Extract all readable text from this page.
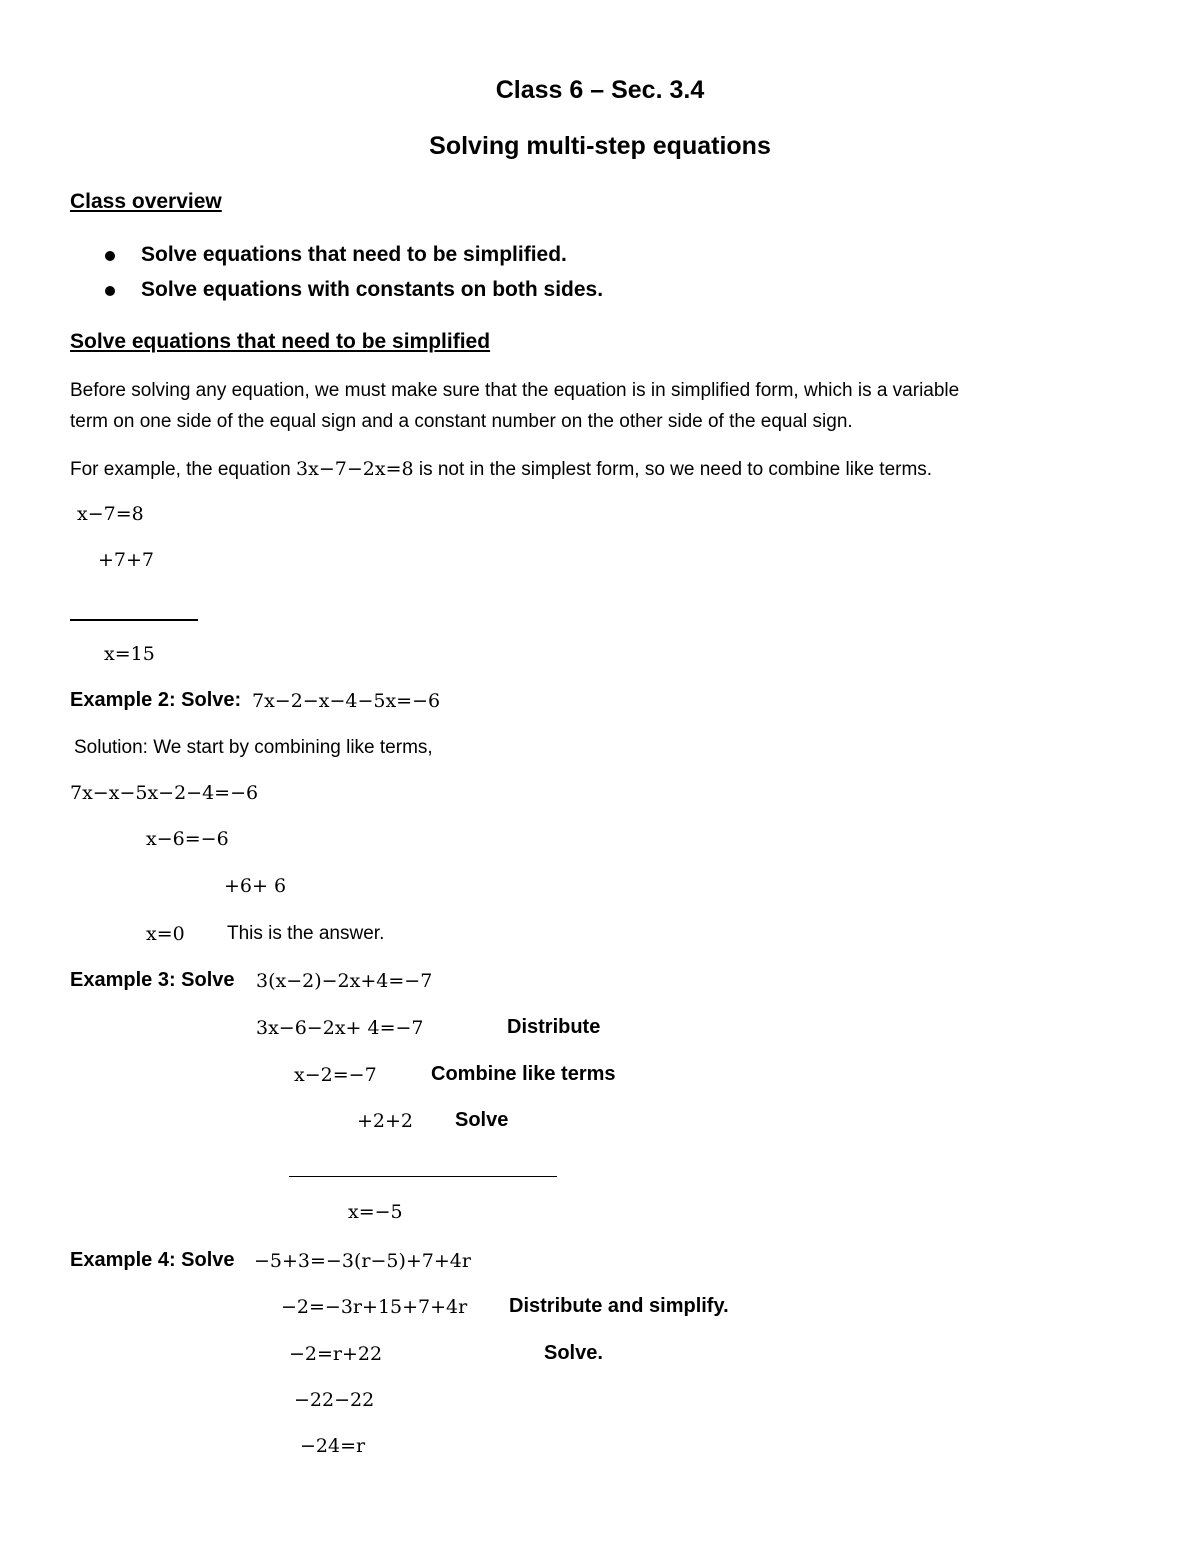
Class 6 – Sec. 3.4
Solving multi-step equations
Class overview
Solve equations that need to be simplified.
Solve equations with constants on both sides.
Solve equations that need to be simplified
Before solving any equation, we must make sure that the equation is in simplified form, which is a variable
term on one side of the equal sign and a constant number on the other side of the equal sign.
For example, the equation 3x−7−2x=8 is not in the simplest form, so we need to combine like terms.
x−7=8
+7+7
x=15
Example 2: Solve: 7x−2−x−4−5x=−6
Solution: We start by combining like terms,
7x−x−5x−2−4=−6
x−6=−6
+6+ 6
x=0 This is the answer.
Example 3: Solve 3(x−2)−2x+4=−7
3x−6−2x+ 4=−7	Distribute
x−2=−7	Combine like terms
+2+2 Solve
x=−5
Example 4: Solve −5+3=−3(r−5)+7+4r
−2=−3r+15+7+4r Distribute and simplify.
−2=r+22	Solve.
−22−22
−24=r
